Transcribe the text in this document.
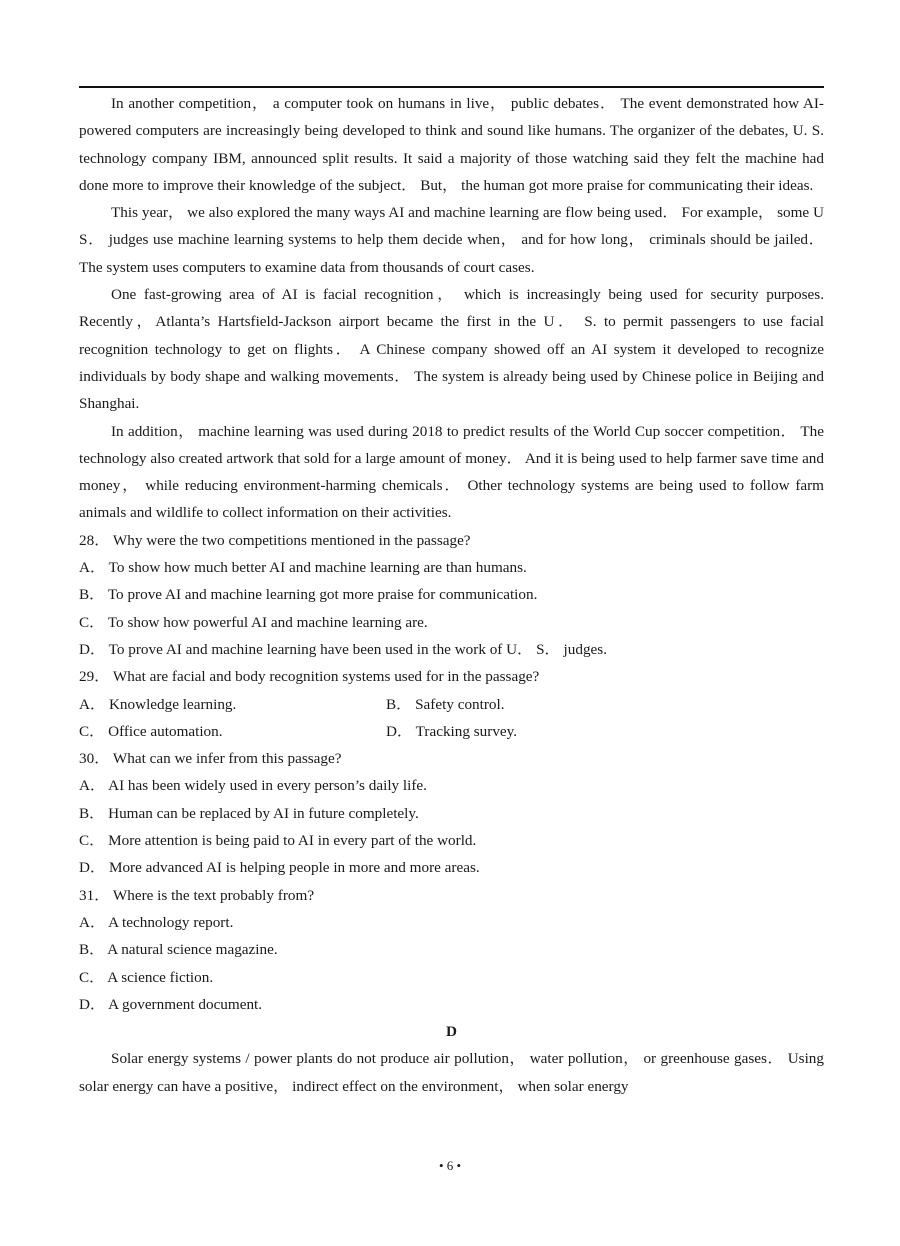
In another competition， a computer took on humans in live， public debates． The event demonstrated how AI-powered computers are increasingly being developed to think and sound like humans. The organizer of the debates, U. S. technology company IBM, announced split results. It said a majority of those watching said they felt the machine had done more to improve their knowledge of the subject． But， the human got more praise for communicating their ideas.

This year， we also explored the many ways AI and machine learning are flow being used． For example， some U S． judges use machine learning systems to help them decide when， and for how long， criminals should be jailed． The system uses computers to examine data from thousands of court cases.

One fast-growing area of AI is facial recognition， which is increasingly being used for security purposes. Recently，Atlanta’s Hartsfield-Jackson airport became the first in the U． S. to permit passengers to use facial recognition technology to get on flights． A Chinese company showed off an AI system it developed to recognize individuals by body shape and walking movements． The system is already being used by Chinese police in Beijing and Shanghai.

In addition， machine learning was used during 2018 to predict results of the World Cup soccer competition． The technology also created artwork that sold for a large amount of money． And it is being used to help farmer save time and money， while reducing environment-harming chemicals． Other technology systems are being used to follow farm animals and wildlife to collect information on their activities.

28． Why were the two competitions mentioned in the passage?

A． To show how much better AI and machine learning are than humans.

B． To prove AI and machine learning got more praise for communication.

C． To show how powerful AI and machine learning are.

D． To prove AI and machine learning have been used in the work of U． S． judges.

29． What are facial and body recognition systems used for in the passage?

A． Knowledge learning.	B． Safety control.
C． Office automation.	D． Tracking survey.

30． What can we infer from this passage?

A． AI has been widely used in every person’s daily life.

B． Human can be replaced by AI in future completely.

C． More attention is being paid to AI in every part of the world.

D． More advanced AI is helping people in more and more areas.

31． Where is the text probably from?

A． A technology report.

B． A natural science magazine.

C． A science fiction.

D． A government document.

D

Solar energy systems / power plants do not produce air pollution， water pollution， or greenhouse gases． Using solar energy can have a positive， indirect effect on the environment， when solar energy

• 6 •
